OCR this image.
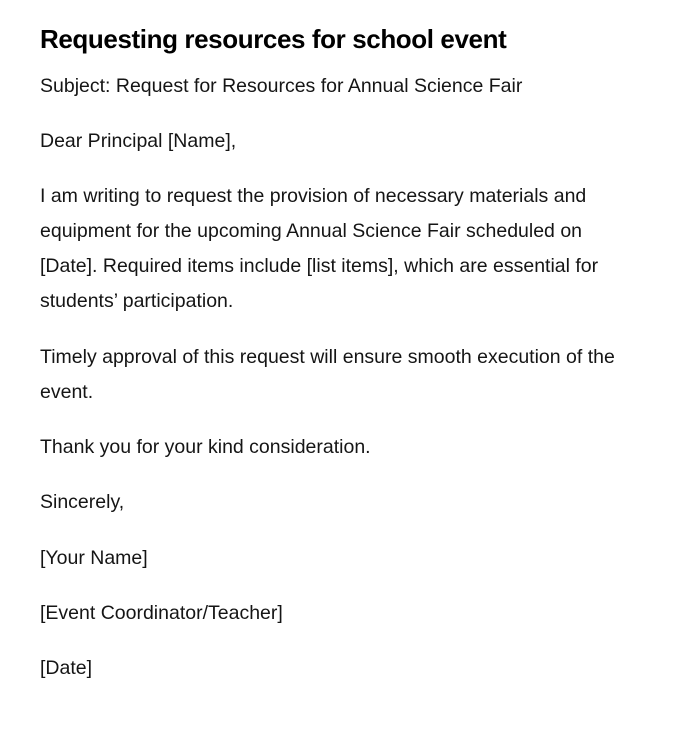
Requesting resources for school event

Subject: Request for Resources for Annual Science Fair

Dear Principal [Name],

I am writing to request the provision of necessary materials and equipment for the upcoming Annual Science Fair scheduled on [Date]. Required items include [list items], which are essential for students’ participation.

Timely approval of this request will ensure smooth execution of the event.

Thank you for your kind consideration.

Sincerely,

[Your Name]

[Event Coordinator/Teacher]

[Date]
